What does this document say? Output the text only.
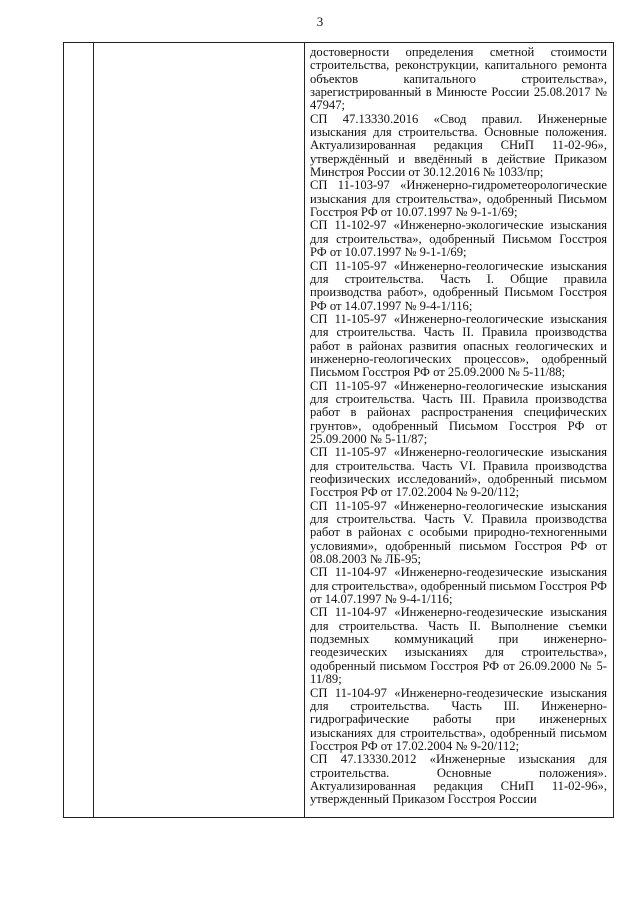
3
достоверности определения сметной стоимости строительства, реконструкции, капитального ремонта объектов капитального строительства», зарегистрированный в Минюсте России 25.08.2017 № 47947;
СП 47.13330.2016 «Свод правил. Инженерные изыскания для строительства. Основные положения. Актуализированная редакция СНиП 11-02-96», утверждённый и введённый в действие Приказом Минстроя России от 30.12.2016 № 1033/пр;
СП 11-103-97 «Инженерно-гидрометеорологические изыскания для строительства», одобренный Письмом Госстроя РФ от 10.07.1997 № 9-1-1/69;
СП 11-102-97 «Инженерно-экологические изыскания для строительства», одобренный Письмом Госстроя РФ от 10.07.1997 № 9-1-1/69;
СП 11-105-97 «Инженерно-геологические изыскания для строительства. Часть I. Общие правила производства работ», одобренный Письмом Госстроя РФ от 14.07.1997 № 9-4-1/116;
СП 11-105-97 «Инженерно-геологические изыскания для строительства. Часть II. Правила производства работ в районах развития опасных геологических и инженерно-геологических процессов», одобренный Письмом Госстроя РФ от 25.09.2000 № 5-11/88;
СП 11-105-97 «Инженерно-геологические изыскания для строительства. Часть III. Правила производства работ в районах распространения специфических грунтов», одобренный Письмом Госстроя РФ от 25.09.2000 № 5-11/87;
СП 11-105-97 «Инженерно-геологические изыскания для строительства. Часть VI. Правила производства геофизических исследований», одобренный письмом Госстроя РФ от 17.02.2004 № 9-20/112;
СП 11-105-97 «Инженерно-геологические изыскания для строительства. Часть V. Правила производства работ в районах с особыми природно-техногенными условиями», одобренный письмом Госстроя РФ от 08.08.2003 № ЛБ-95;
СП 11-104-97 «Инженерно-геодезические изыскания для строительства», одобренный письмом Госстроя РФ от 14.07.1997 № 9-4-1/116;
СП 11-104-97 «Инженерно-геодезические изыскания для строительства. Часть II. Выполнение съемки подземных коммуникаций при инженерно-геодезических изысканиях для строительства», одобренный письмом Госстроя РФ от 26.09.2000 № 5-11/89;
СП 11-104-97 «Инженерно-геодезические изыскания для строительства. Часть III. Инженерно-гидрографические работы при инженерных изысканиях для строительства», одобренный письмом Госстроя РФ от 17.02.2004 № 9-20/112;
СП 47.13330.2012 «Инженерные изыскания для строительства. Основные положения». Актуализированная редакция СНиП 11-02-96», утвержденный Приказом Госстроя России
